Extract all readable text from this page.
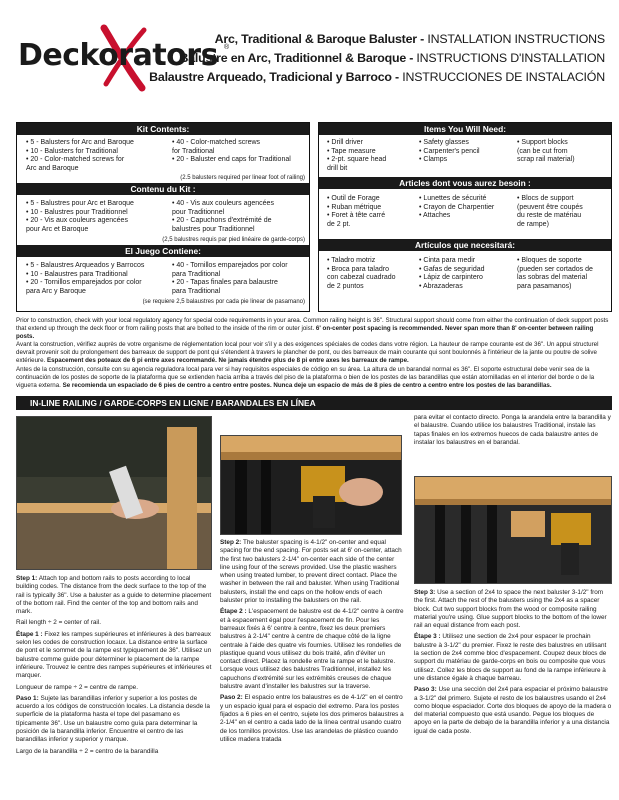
Deckorators ®
Arc, Traditional & Baroque Baluster - INSTALLATION INSTRUCTIONS
Balustre en Arc, Traditionnel & Baroque - INSTRUCTIONS D'INSTALLATION
Balaustre Arqueado, Tradicional y Barroco - INSTRUCCIONES DE INSTALACIÓN
Kit Contents:
• 5 - Balusters for Arc and Baroque
• 10 - Balusters for Traditional
• 20 - Color-matched screws for
Arc and Baroque
• 40 - Color-matched screws
for Traditional
• 20 - Baluster end caps for Traditional
(2.5 balusters required per linear foot of railing)
Contenu du Kit :
• 5 - Balustres pour Arc et Baroque
• 10 - Balustres pour Traditionnel
• 20 - Vis aux couleurs agencées
pour Arc et Baroque
• 40 - Vis aux couleurs agencées
pour Traditionnel
• 20 - Capuchons d'extrémité de
balustres pour Traditionnel
(2,5 balustres requis par pied linéaire de garde-corps)
El Juego Contiene:
• 5 - Balaustres Arqueados y Barrocos
• 10 - Balaustres para Traditional
• 20 - Tornillos emparejados por color
para Arc y Baroque
• 40 - Tornillos emparejados por color
para Traditional
• 20 - Tapas finales para balaustre
para Traditional
(se requiere 2,5 balaustres por cada pie linear de pasamano)
Items You Will Need:
• Drill driver
• Tape measure
• 2-pt. square head
drill bit
• Safety glasses
• Carpenter's pencil
• Clamps
• Support blocks
(can be cut from
scrap rail material)
Articles dont vous aurez besoin :
• Outil de Forage
• Ruban métrique
• Foret à tête carré
de 2 pt.
• Lunettes de sécurité
• Crayon de Charpentier
• Attaches
• Blocs de support
(peuvent être coupés
du reste de matériau
de rampe)
Artículos que necesitará:
• Taladro motriz
• Broca para taladro
con cabezal cuadrado
de 2 puntos
• Cinta para medir
• Gafas de seguridad
• Lápiz de carpintero
• Abrazaderas
• Bloques de soporte
(pueden ser cortados de
las sobras del material
para pasamanos)
Prior to construction, check with your local regulatory agency for special code requirements in your area. Common railing height is 36". Structural support should come from either the continuation of deck support posts that extend up through the deck floor or from railing posts that are bolted to the inside of the rim or outer joist. 6' on-center post spacing is recommended. Never span more than 8' on-center between railing posts.
Avant la construction, vérifiez auprès de votre organisme de réglementation local pour voir s'il y a des exigences spéciales de codes dans votre région. La hauteur de rampe courante est de 36". Un appui structurel devrait provenir soit du prolongement des barreaux de support de pont qui s'étendent à travers le plancher de pont, ou des barreaux de main courante qui sont boulonnés à l'intérieur de la jante ou poutre de solive extérieure. Espacement des poteaux de 6 pi entre axes recommandé. Ne jamais étendre plus de 8 pi entre axes les barreaux de rampe.
Antes de la construcción, consulte con su agencia reguladora local para ver si hay requisitos especiales de código en su área. La altura de un barandal normal es 36". El soporte estructural debe venir sea de la continuación de los postes de soporte de la plataforma que se extienden hacia arriba a través del piso de la plataforma o bien de los postes de las barandillas que están atornilladas en el interior del borde o de la viguета externa. Se recomienda un espaciado de 6 pies de centro a centro entre postes. Nunca deje un espacio de más de 8 pies de centro a centro entre los postes de las barandillas.
IN-LINE RAILING / GARDE-CORPS EN LIGNE / BARANDALES EN LÍNEA

Step 1: Attach top and bottom rails to posts according to local building codes. The distance from the deck surface to the top of the rail is typically 36". Use a baluster as a guide to determine placement of the bottom rail. Find the center of the top and bottom rails and mark.

Rail length ÷ 2 = center of rail.

Étape 1 : Fixez les rampes supérieures et inférieures à des barreaux selon les codes de construction locaux. La distance entre la surface de pont et le sommet de la rampe est typiquement de 36". Utilisez un balustre comme guide pour déterminer le placement de la rampe inférieure. Trouvez le centre des rampes supérieures et inférieures et marquer.

Longueur de rampe ÷ 2 = centre de rampe.

Paso 1: Sujete las barandillas inferior y superior a los postes de acuerdo a los códigos de construcción locales. La distancia desde la superficie de la plataforma hasta el tope del pasamano es típicamente 36". Use un balaustre como guía para determinar la posición de la barandilla inferior. Encuentre el centro de las barandillas inferior y superior y marque.

Largo de la barandilla ÷ 2 = centro de la barandilla

Step 2: The baluster spacing is 4-1/2" on-center and equal spacing for the end spacing. For posts set at 6' on-center, attach the first two balusters 2-1/4" on-center each side of the center line using four of the screws provided. Use the plastic washers when using treated lumber, to prevent direct contact. Place the washer in between the rail and baluster. When using Traditional balusters, install the end caps on the hollow ends of each baluster prior to installing the balusters on the rail.

Étape 2 : L'espacement de balustre est de 4-1/2" centre à centre et à espacement égal pour l'espacement de fin. Pour les barreaux fixés à 6' centre à centre, fixez les deux premiers balustres à 2-1/4" centre à centre de chaque côté de la ligne centrale à l'aide des quatre vis fournies. Utilisez les rondelles de plastique quand vous utilisez du bois traité, afin d'éviter un contact direct. Placez la rondelle entre la rampe et le balustre. Lorsque vous utilisez des balustres Traditionnel, installez les capuchons d'extrémité sur les extrémités creuses de chaque balustre avant d'installer les balustres sur la traverse.

Paso 2: El espacio entre los balaustres es de 4-1/2" en el centro y un espacio igual para el espacio del extremo. Para los postes fijados a 6 pies en el centro, sujete los dos primeros balaustres a 2-1/4" en el centro a cada lado de la línea central usando cuatro de los tornillos provistos. Use las arandelas de plástico cuando utilice madera tratada

para evitar el contacto directo. Ponga la arandela entre la barandilla y el balaustre. Cuando utilice los balaustres Traditional, instale las tapas finales en los extremos huecos de cada balaustre antes de instalar los balaustres en el barandal.

Step 3: Use a section of 2x4 to space the next baluster 3-1/2" from the first. Attach the rest of the balusters using the 2x4 as a spacer block. Cut two support blocks from the wood or composite railing material you're using. Glue support blocks to the bottom of the lower rail an equal distance from each post.

Étape 3 : Utilisez une section de 2x4 pour espacer le prochain balustre à 3-1/2" du premier. Fixez le reste des balustres en utilisant la section de 2x4 comme bloc d'espacement. Coupez deux blocs de support du matériau de garde-corps en bois ou composite que vous utilisez. Collez les blocs de support au fond de la rampe inférieure à une distance égale à chaque barreau.

Paso 3: Use una sección del 2x4 para espaciar el próximo balaustre a 3-1/2" del primero. Sujete el resto de los balaustres usando el 2x4 como bloque espaciador. Corte dos bloques de apoyo de la madera o del material compuesto que está usando. Pegue los bloques de apoyo en la parte de debajo de la barandilla inferior y a una distancia igual de cada poste.
